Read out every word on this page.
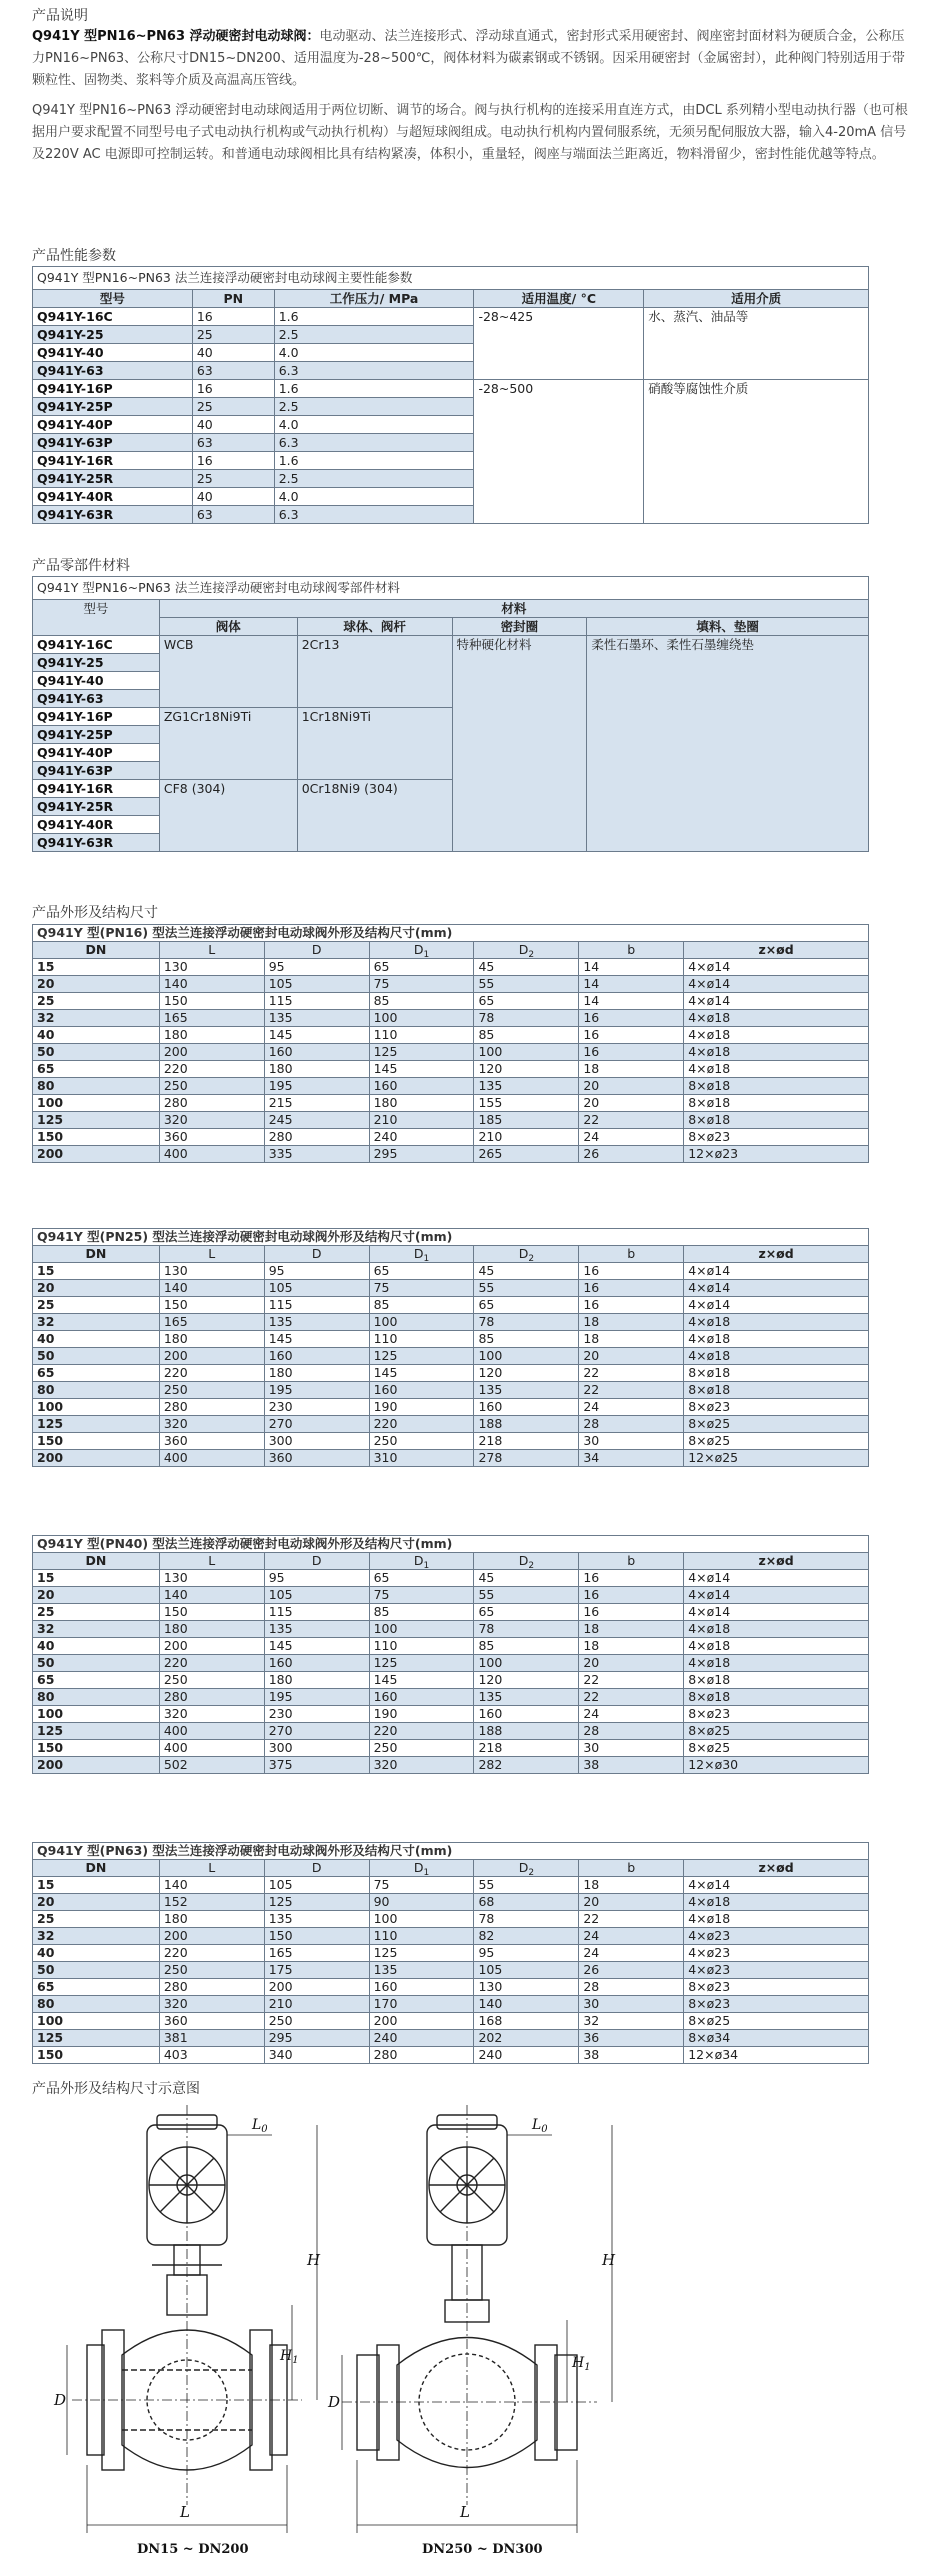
产品说明

Q941Y 型PN16~PN63 浮动硬密封电动球阀：电动驱动、法兰连接形式、浮动球直通式，密封形式采用硬密封、阀座密封面材料为硬质合金，公称压力PN16~PN63、公称尺寸DN15~DN200、适用温度为-28~500℃，阀体材料为碳素钢或不锈钢。因采用硬密封（金属密封），此种阀门特别适用于带颗粒性、固物类、浆料等介质及高温高压管线。

Q941Y 型PN16~PN63 浮动硬密封电动球阀适用于两位切断、调节的场合。阀与执行机构的连接采用直连方式，由DCL 系列精小型电动执行器（也可根据用户要求配置不同型号电子式电动执行机构或气动执行机构）与超短球阀组成。电动执行机构内置伺服系统，无须另配伺服放大器，输入4-20mA 信号及220V AC 电源即可控制运转。和普通电动球阀相比具有结构紧凑，体积小，重量轻，阀座与端面法兰距离近，物料滑留少，密封性能优越等特点。

产品性能参数
Q941Y 型PN16~PN63 法兰连接浮动硬密封电动球阀主要性能参数				
型号	PN	工作压力/ MPa	适用温度/ °C	适用介质
Q941Y-16C	16	1.6	-28~425	水、蒸汽、油品等
Q941Y-25	25	2.5		
Q941Y-40	40	4.0		
Q941Y-63	63	6.3		
Q941Y-16P	16	1.6	-28~500	硝酸等腐蚀性介质
Q941Y-25P	25	2.5		
Q941Y-40P	40	4.0		
Q941Y-63P	63	6.3		
Q941Y-16R	16	1.6		
Q941Y-25R	25	2.5		
Q941Y-40R	40	4.0		
Q941Y-63R	63	6.3		
产品零部件材料
Q941Y 型PN16~PN63 法兰连接浮动硬密封电动球阀零部件材料				
型号	材料			
	阀体	球体、阀杆	密封圈	填料、垫圈
Q941Y-16C	WCB	2Cr13	特种硬化材料	柔性石墨环、柔性石墨缠绕垫
Q941Y-25				
Q941Y-40				
Q941Y-63				
Q941Y-16P	ZG1Cr18Ni9Ti	1Cr18Ni9Ti		
Q941Y-25P				
Q941Y-40P				
Q941Y-63P				
Q941Y-16R	CF8 (304)	0Cr18Ni9 (304)		
Q941Y-25R				
Q941Y-40R				
Q941Y-63R				
产品外形及结构尺寸
Q941Y 型(PN16) 型法兰连接浮动硬密封电动球阀外形及结构尺寸(mm)						
DN	L	D	$D_1$	$D_2$	b	z×ød
15	130	95	65	45	14	4×ø14
20	140	105	75	55	14	4×ø14
25	150	115	85	65	14	4×ø14
32	165	135	100	78	16	4×ø18
40	180	145	110	85	16	4×ø18
50	200	160	125	100	16	4×ø18
65	220	180	145	120	18	4×ø18
80	250	195	160	135	20	8×ø18
100	280	215	180	155	20	8×ø18
125	320	245	210	185	22	8×ø18
150	360	280	240	210	24	8×ø23
200	400	335	295	265	26	12×ø23
Q941Y 型(PN25) 型法兰连接浮动硬密封电动球阀外形及结构尺寸(mm)						
DN	L	D	$D_1$	$D_2$	b	z×ød
15	130	95	65	45	16	4×ø14
20	140	105	75	55	16	4×ø14
25	150	115	85	65	16	4×ø14
32	165	135	100	78	18	4×ø18
40	180	145	110	85	18	4×ø18
50	200	160	125	100	20	4×ø18
65	220	180	145	120	22	8×ø18
80	250	195	160	135	22	8×ø18
100	280	230	190	160	24	8×ø23
125	320	270	220	188	28	8×ø25
150	360	300	250	218	30	8×ø25
200	400	360	310	278	34	12×ø25
Q941Y 型(PN40) 型法兰连接浮动硬密封电动球阀外形及结构尺寸(mm)						
DN	L	D	$D_1$	$D_2$	b	z×ød
15	130	95	65	45	16	4×ø14
20	140	105	75	55	16	4×ø14
25	150	115	85	65	16	4×ø14
32	180	135	100	78	18	4×ø18
40	200	145	110	85	18	4×ø18
50	220	160	125	100	20	4×ø18
65	250	180	145	120	22	8×ø18
80	280	195	160	135	22	8×ø18
100	320	230	190	160	24	8×ø23
125	400	270	220	188	28	8×ø25
150	400	300	250	218	30	8×ø25
200	502	375	320	282	38	12×ø30
Q941Y 型(PN63) 型法兰连接浮动硬密封电动球阀外形及结构尺寸(mm)						
DN	L	D	$D_1$	$D_2$	b	z×ød
15	140	105	75	55	18	4×ø14
20	152	125	90	68	20	4×ø18
25	180	135	100	78	22	4×ø18
32	200	150	110	82	24	4×ø23
40	220	165	125	95	24	4×ø23
50	250	175	135	105	26	4×ø23
65	280	200	160	130	28	8×ø23
80	320	210	170	140	30	8×ø23
100	360	250	200	168	32	8×ø25
125	381	295	240	202	36	8×ø34
150	403	340	280	240	38	12×ø34
产品外形及结构尺寸示意图
H
$H_1$
$L_0$
D
L
DN15 ~ DN200
H
$H_1$
$L_0$
D
L
DN250 ~ DN300
